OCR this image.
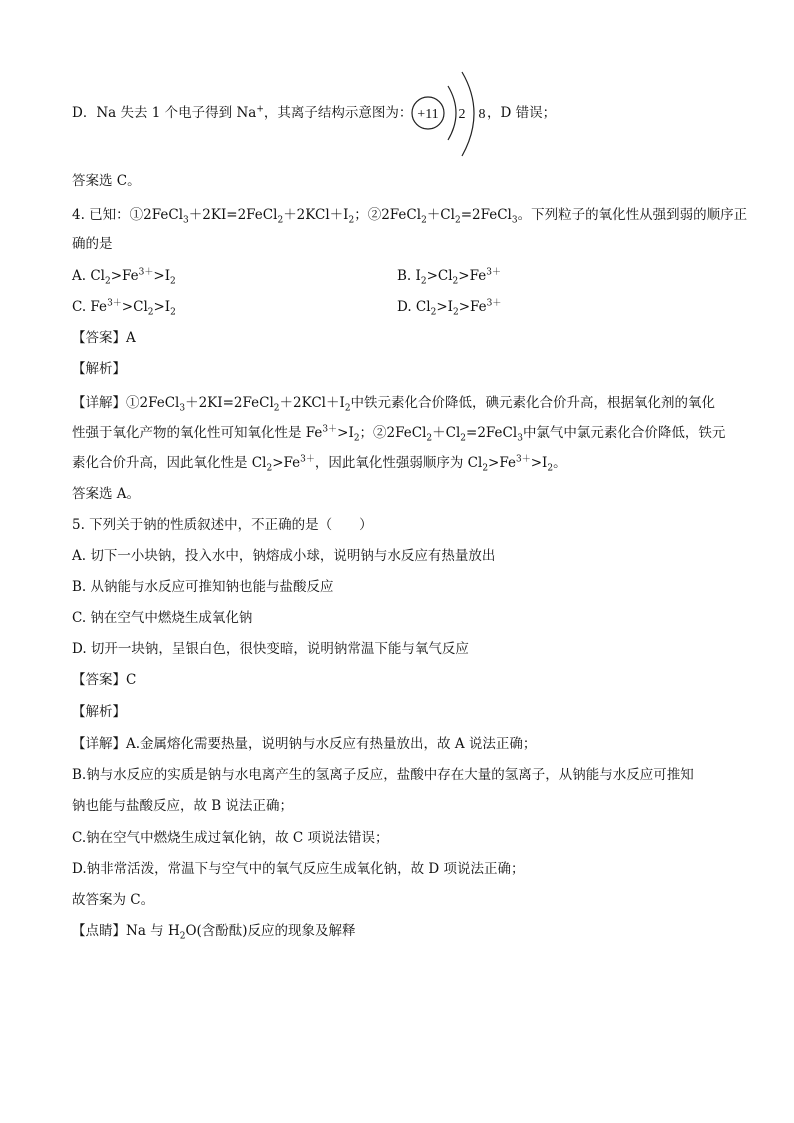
D．Na 失去 1 个电子得到 Na+，其离子结构示意图为： +11 2 8 ，D 错误；
答案选 C。
4. 已知：$①2FeCl_3+2KI=2FeCl_2+2KCl+I_2$；$②2FeCl_2+Cl_2=2FeCl_3$。下列粒子的氧化性从强到弱的顺序正
确的是
A. $Cl_2>Fe^{3+}>I_2$	B. $I_2>Cl_2>Fe^{3+}$
C. $Fe^{3+}>Cl_2>I_2$	D. $Cl_2>I_2>Fe^{3+}$
【答案】A
【解析】
【详解】$①2FeCl_3+2KI=2FeCl_2+2KCl+I_2$中铁元素化合价降低，碘元素化合价升高，根据氧化剂的氧化
性强于氧化产物的氧化性可知氧化性是 $Fe^{3+}>I_2$；$②2FeCl_2+Cl_2=2FeCl_3$中氯气中氯元素化合价降低，铁元
素化合价升高，因此氧化性是 $Cl_2>Fe^{3+}$，因此氧化性强弱顺序为 $Cl_2>Fe^{3+}>I_2$。
答案选 A。
5. 下列关于钠的性质叙述中，不正确的是（　　）
A. 切下一小块钠，投入水中，钠熔成小球，说明钠与水反应有热量放出
B. 从钠能与水反应可推知钠也能与盐酸反应
C. 钠在空气中燃烧生成氧化钠
D. 切开一块钠，呈银白色，很快变暗，说明钠常温下能与氧气反应
【答案】C
【解析】
【详解】A.金属熔化需要热量，说明钠与水反应有热量放出，故 A 说法正确；
B.钠与水反应的实质是钠与水电离产生的氢离子反应，盐酸中存在大量的氢离子，从钠能与水反应可推知
钠也能与盐酸反应，故 B 说法正确；
C.钠在空气中燃烧生成过氧化钠，故 C 项说法错误；
D.钠非常活泼，常温下与空气中的氧气反应生成氧化钠，故 D 项说法正确；
故答案为 C。
【点睛】Na 与 $H_2O$(含酚酞)反应的现象及解释
